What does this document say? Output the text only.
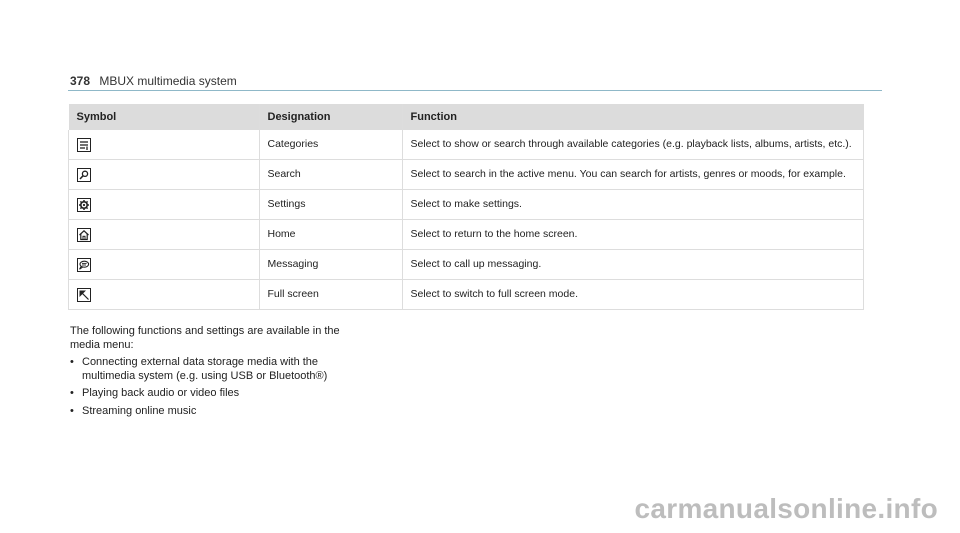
378 MBUX multimedia system
Symbol	Designation	Function

	Categories	Select to show or search through available categories (e.g. playback lists, albums, artists, etc.).

	Search	Select to search in the active menu. You can search for artists, genres or moods, for example.

	Settings	Select to make settings.

	Home	Select to return to the home screen.

	Messaging	Select to call up messaging.

	Full screen	Select to switch to full screen mode.

The following functions and settings are available in the media menu:

• Connecting external data storage media with the multimedia system (e.g. using USB or Bluetooth®)
• Playing back audio or video files
• Streaming online music
carmanualsonline.info
